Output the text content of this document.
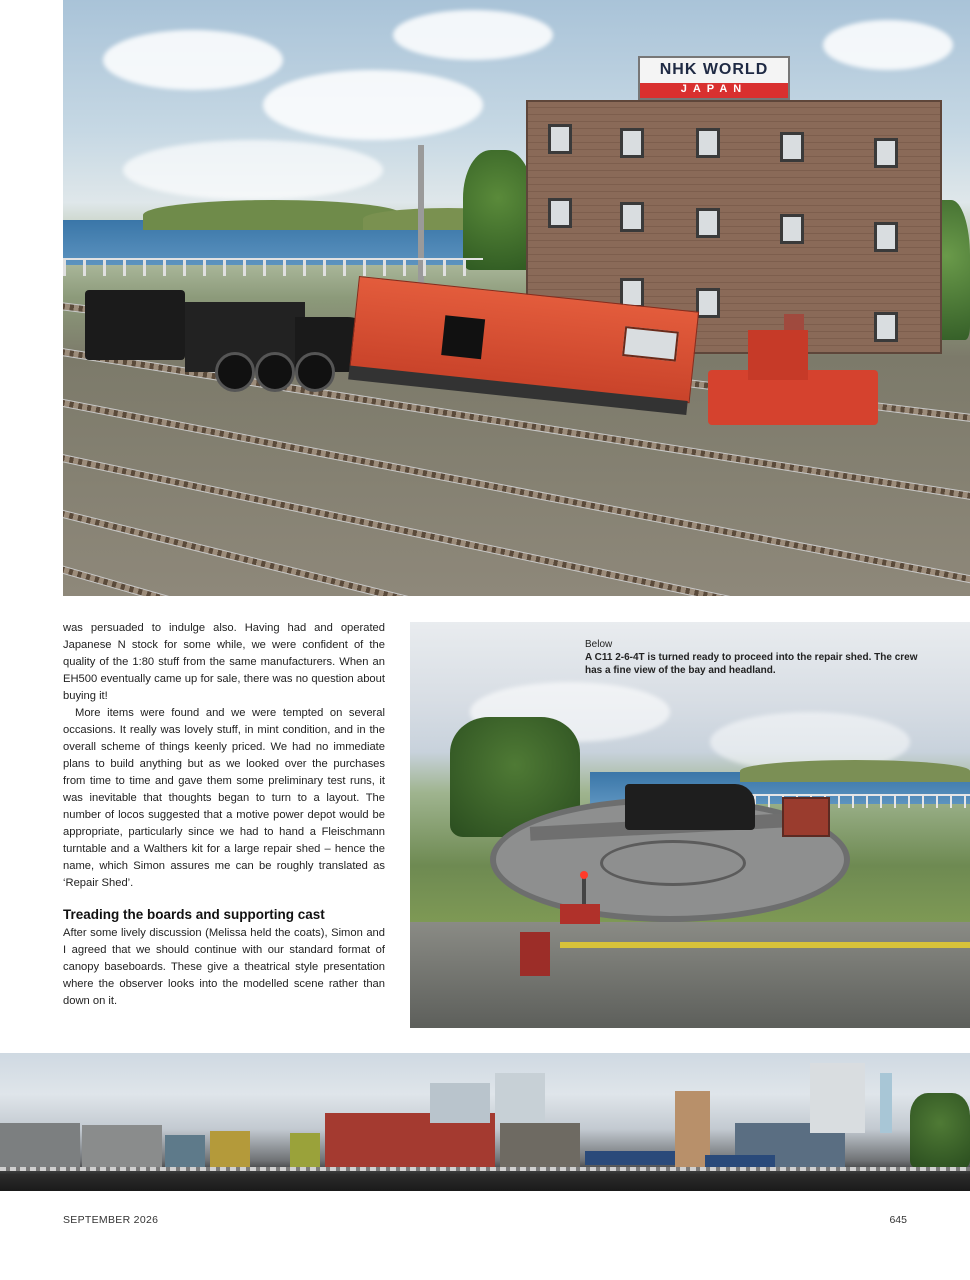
NHK WORLD
JAPAN

was persuaded to indulge also. Having had and operated Japanese N stock for some while, we were confident of the quality of the 1:80 stuff from the same manufacturers. When an EH500 eventually came up for sale, there was no question about buying it!

More items were found and we were tempted on several occasions. It really was lovely stuff, in mint condition, and in the overall scheme of things keenly priced. We had no immediate plans to build anything but as we looked over the purchases from time to time and gave them some preliminary test runs, it was inevitable that thoughts began to turn to a layout. The number of locos suggested that a motive power depot would be appropriate, particularly since we had to hand a Fleischmann turntable and a Walthers kit for a large repair shed – hence the name, which Simon assures me can be roughly translated as ‘Repair Shed’.

Treading the boards and supporting cast

After some lively discussion (Melissa held the coats), Simon and I agreed that we should continue with our standard format of canopy baseboards. These give a theatrical style presentation where the observer looks into the modelled scene rather than down on it.

Below
A C11 2-6-4T is turned ready to proceed into the repair shed. The crew has a fine view of the bay and headland.
SEPTEMBER 2026	645
